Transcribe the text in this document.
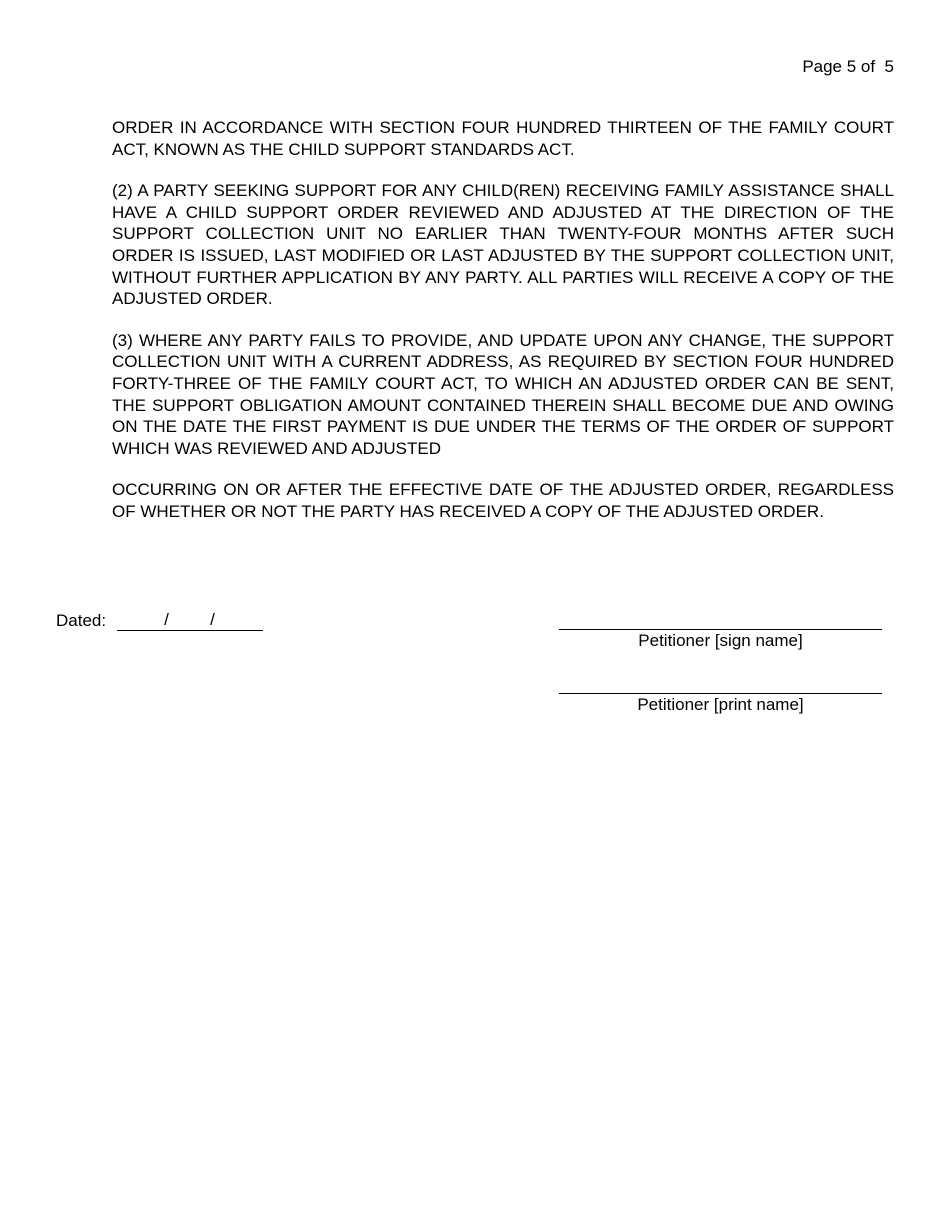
Page 5 of  5

ORDER IN ACCORDANCE WITH SECTION FOUR HUNDRED THIRTEEN OF THE FAMILY COURT ACT, KNOWN AS THE CHILD SUPPORT STANDARDS ACT.

(2) A PARTY SEEKING SUPPORT FOR ANY CHILD(REN) RECEIVING FAMILY ASSISTANCE SHALL HAVE A CHILD SUPPORT ORDER REVIEWED AND ADJUSTED AT THE DIRECTION OF THE SUPPORT COLLECTION UNIT NO EARLIER THAN TWENTY-FOUR MONTHS AFTER SUCH ORDER IS ISSUED, LAST MODIFIED OR LAST ADJUSTED BY THE SUPPORT COLLECTION UNIT, WITHOUT FURTHER APPLICATION BY ANY PARTY. ALL PARTIES WILL RECEIVE A COPY OF THE ADJUSTED ORDER.

(3) WHERE ANY PARTY FAILS TO PROVIDE, AND UPDATE UPON ANY CHANGE, THE SUPPORT COLLECTION UNIT WITH A CURRENT ADDRESS, AS REQUIRED BY SECTION FOUR HUNDRED FORTY-THREE OF THE FAMILY COURT ACT, TO WHICH AN ADJUSTED ORDER CAN BE SENT, THE SUPPORT OBLIGATION AMOUNT CONTAINED THEREIN SHALL BECOME DUE AND OWING ON THE DATE THE FIRST PAYMENT IS DUE UNDER THE TERMS OF THE ORDER OF SUPPORT WHICH WAS REVIEWED AND ADJUSTED

OCCURRING ON OR AFTER THE EFFECTIVE DATE OF THE ADJUSTED ORDER, REGARDLESS OF WHETHER OR NOT THE PARTY HAS RECEIVED A COPY OF THE ADJUSTED ORDER.

Dated:	/ /
Petitioner [sign name]
Petitioner [print name]
